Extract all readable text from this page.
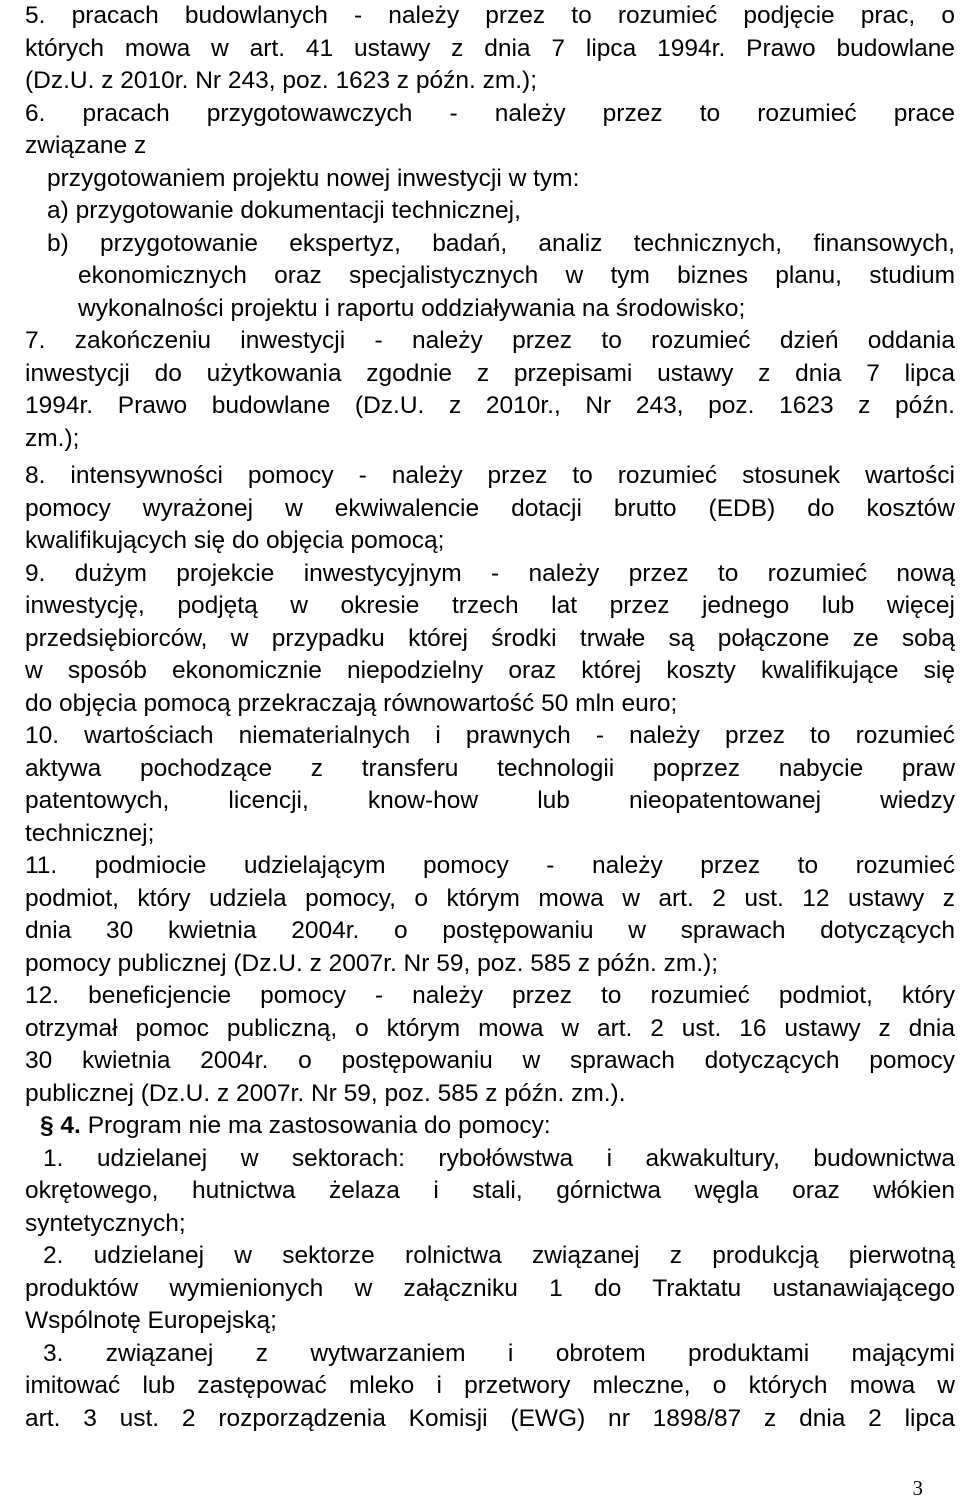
5. pracach budowlanych - należy przez to rozumieć podjęcie prac, o
których mowa w art. 41 ustawy z dnia 7 lipca 1994r. Prawo budowlane
(Dz.U. z 2010r. Nr 243, poz. 1623 z późn. zm.);
6. pracach przygotowawczych - należy przez to rozumieć prace
związane z
przygotowaniem projektu nowej inwestycji w tym:
a) przygotowanie dokumentacji technicznej,
b) przygotowanie ekspertyz, badań, analiz technicznych, finansowych,
ekonomicznych oraz specjalistycznych w tym biznes planu, studium
wykonalności projektu i raportu oddziaływania na środowisko;
7. zakończeniu inwestycji - należy przez to rozumieć dzień oddania
inwestycji do użytkowania zgodnie z przepisami ustawy z dnia 7 lipca
1994r. Prawo budowlane (Dz.U. z 2010r., Nr 243, poz. 1623 z późn.
zm.);
8. intensywności pomocy - należy przez to rozumieć stosunek wartości
pomocy wyrażonej w ekwiwalencie dotacji brutto (EDB) do kosztów
kwalifikujących się do objęcia pomocą;
9. dużym projekcie inwestycyjnym - należy przez to rozumieć nową
inwestycję, podjętą w okresie trzech lat przez jednego lub więcej
przedsiębiorców, w przypadku której środki trwałe są połączone ze sobą
w sposób ekonomicznie niepodzielny oraz której koszty kwalifikujące się
do objęcia pomocą przekraczają równowartość 50 mln euro;
10. wartościach niematerialnych i prawnych - należy przez to rozumieć
aktywa pochodzące z transferu technologii poprzez nabycie praw
patentowych, licencji, know-how lub nieopatentowanej wiedzy
technicznej;
11. podmiocie udzielającym pomocy - należy przez to rozumieć
podmiot, który udziela pomocy, o którym mowa w art. 2 ust. 12 ustawy z
dnia 30 kwietnia 2004r. o postępowaniu w sprawach dotyczących
pomocy publicznej (Dz.U. z 2007r. Nr 59, poz. 585 z późn. zm.);
12. beneficjencie pomocy - należy przez to rozumieć podmiot, który
otrzymał pomoc publiczną, o którym mowa w art. 2 ust. 16 ustawy z dnia
30 kwietnia 2004r. o postępowaniu w sprawach dotyczących pomocy
publicznej (Dz.U. z 2007r. Nr 59, poz. 585 z późn. zm.).
§ 4. Program nie ma zastosowania do pomocy:
1. udzielanej w sektorach: rybołówstwa i akwakultury, budownictwa
okrętowego, hutnictwa żelaza i stali, górnictwa węgla oraz włókien
syntetycznych;
2. udzielanej w sektorze rolnictwa związanej z produkcją pierwotną
produktów wymienionych w załączniku 1 do Traktatu ustanawiającego
Wspólnotę Europejską;
3. związanej z wytwarzaniem i obrotem produktami mającymi
imitować lub zastępować mleko i przetwory mleczne, o których mowa w
art. 3 ust. 2 rozporządzenia Komisji (EWG) nr 1898/87 z dnia 2 lipca
3
